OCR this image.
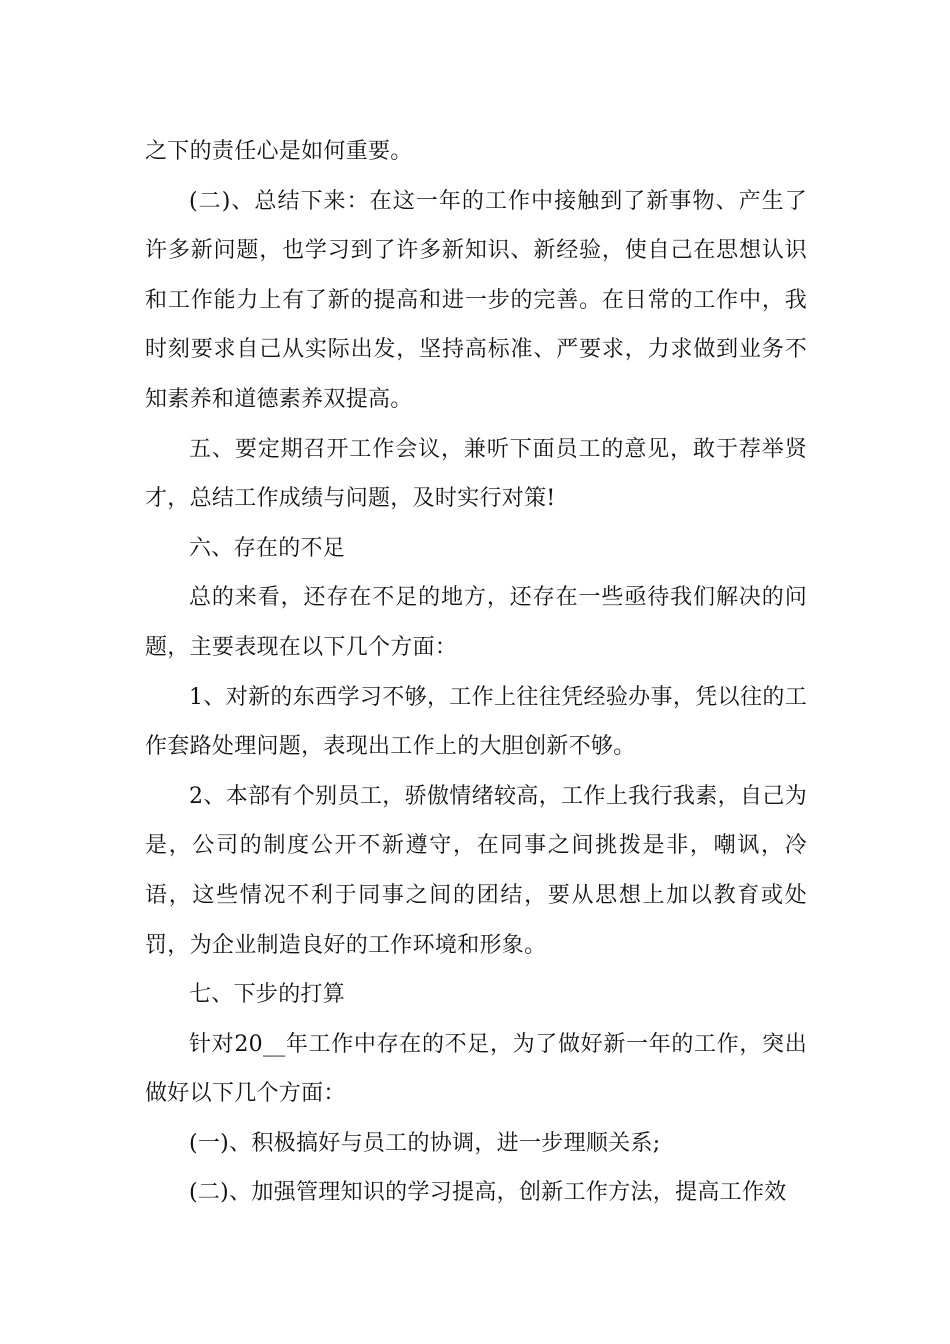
之下的责任心是如何重要。

(二)、总结下来：在这一年的工作中接触到了新事物、产生了许多新问题，也学习到了许多新知识、新经验，使自己在思想认识和工作能力上有了新的提高和进一步的完善。在日常的工作中，我时刻要求自己从实际出发，坚持高标准、严要求，力求做到业务不知素养和道德素养双提高。

五、要定期召开工作会议，兼听下面员工的意见，敢于荐举贤才，总结工作成绩与问题，及时实行对策!

六、存在的不足

总的来看，还存在不足的地方，还存在一些亟待我们解决的问题，主要表现在以下几个方面：

1、对新的东西学习不够，工作上往往凭经验办事，凭以往的工作套路处理问题，表现出工作上的大胆创新不够。

2、本部有个别员工，骄傲情绪较高，工作上我行我素，自己为是，公司的制度公开不新遵守，在同事之间挑拨是非，嘲讽，冷语，这些情况不利于同事之间的团结，要从思想上加以教育或处罚，为企业制造良好的工作环境和形象。

七、下步的打算

针对20__年工作中存在的不足，为了做好新一年的工作，突出做好以下几个方面：

(一)、积极搞好与员工的协调，进一步理顺关系;

(二)、加强管理知识的学习提高，创新工作方法，提高工作效
